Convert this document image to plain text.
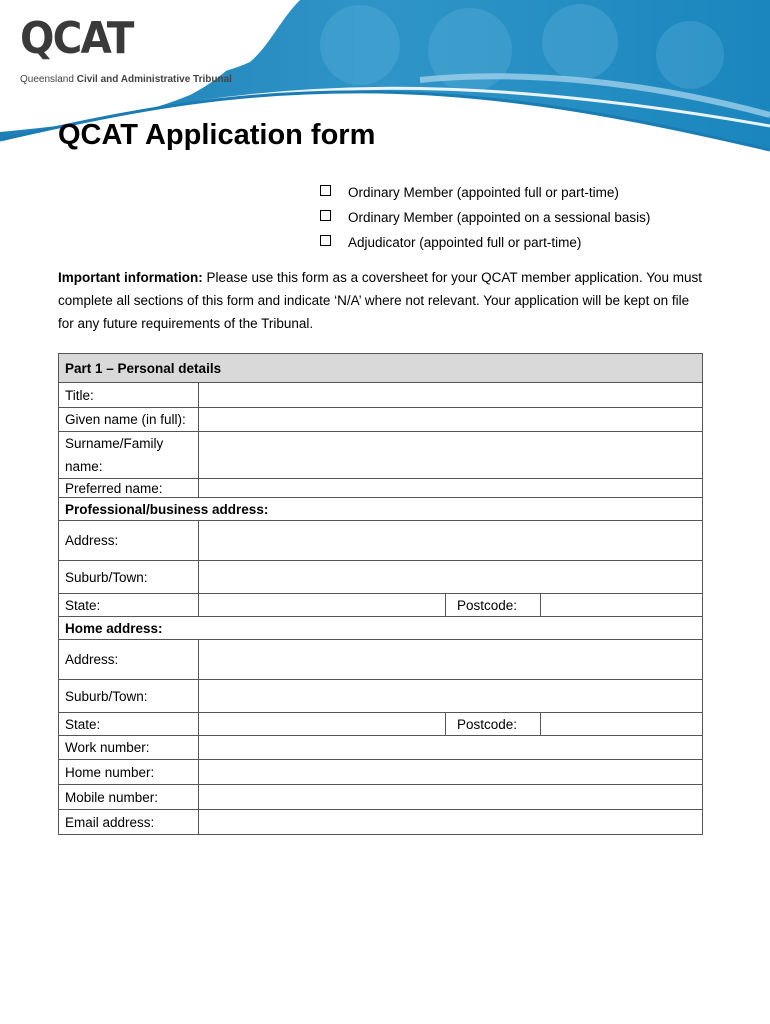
QCAT
Queensland Civil and Administrative Tribunal
QCAT Application form
Ordinary Member (appointed full or part-time)
Ordinary Member (appointed on a sessional basis)
Adjudicator (appointed full or part-time)

Important information: Please use this form as a coversheet for your QCAT member application. You must complete all sections of this form and indicate ‘N/A’ where not relevant. Your application will be kept on file for any future requirements of the Tribunal.

Part 1 – Personal details			
Title:			
Given name (in full):			
Surname/Family name:			
Preferred name:			
Professional/business address:			
Address:			
Suburb/Town:			
State:		Postcode:	
Home address:			
Address:			
Suburb/Town:			
State:		Postcode:	
Work number:			
Home number:			
Mobile number:			
Email address:			
